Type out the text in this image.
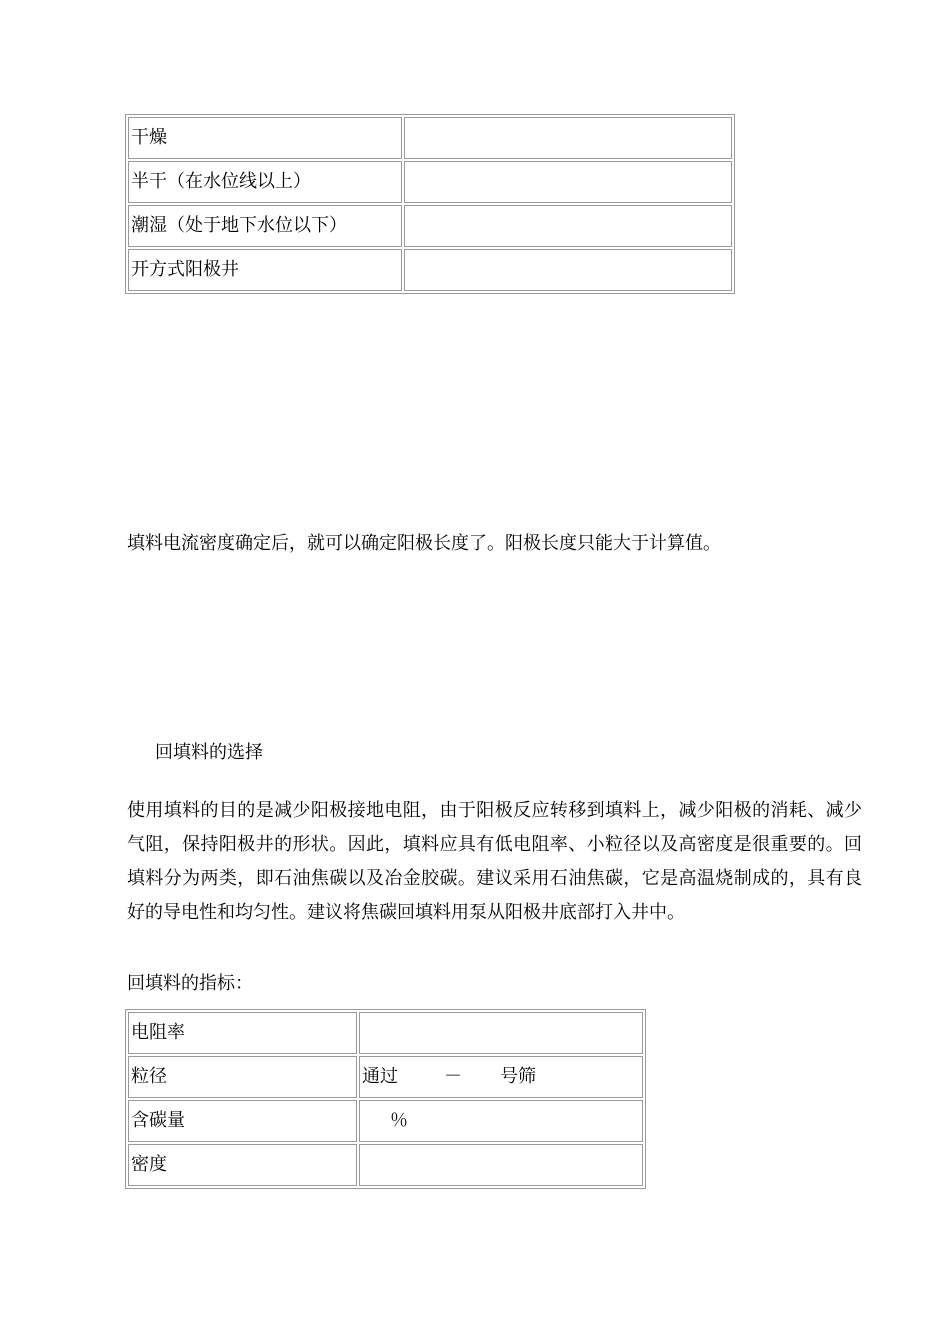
干燥	
半干（在水位线以上）	
潮湿（处于地下水位以下）	
开方式阳极井	

填料电流密度确定后，就可以确定阳极长度了。阳极长度只能大于计算值。

回填料的选择

使用填料的目的是减少阳极接地电阻，由于阳极反应转移到填料上，减少阳极的消耗、减少气阻，保持阳极井的形状。因此，填料应具有低电阻率、小粒径以及高密度是很重要的。回填料分为两类，即石油焦碳以及冶金胶碳。建议采用石油焦碳，它是高温烧制成的，具有良好的导电性和均匀性。建议将焦碳回填料用泵从阳极井底部打入井中。

回填料的指标：

电阻率	
粒径	通过 － 号筛
含碳量	％
密度	
